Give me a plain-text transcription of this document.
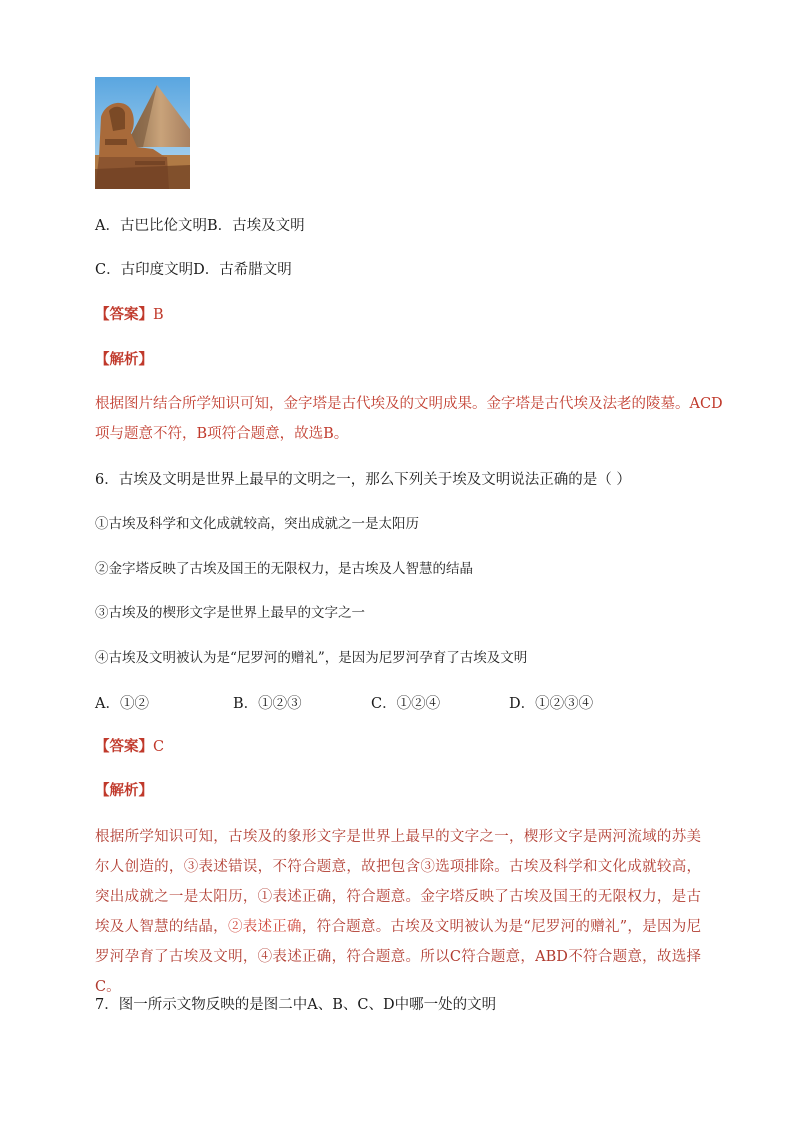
A．古巴比伦文明B．古埃及文明
C．古印度文明D．古希腊文明
【答案】B
【解析】
根据图片结合所学知识可知，金字塔是古代埃及的文明成果。金字塔是古代埃及法老的陵墓。ACD
项与题意不符，B项符合题意，故选B。
6．古埃及文明是世界上最早的文明之一，那么下列关于埃及文明说法正确的是（ ）
①古埃及科学和文化成就较高，突出成就之一是太阳历
②金字塔反映了古埃及国王的无限权力，是古埃及人智慧的结晶
③古埃及的楔形文字是世界上最早的文字之一
④古埃及文明被认为是“尼罗河的赠礼”，是因为尼罗河孕育了古埃及文明
A．①②	B．①②③	C．①②④	D．①②③④
【答案】C
【解析】
根据所学知识可知，古埃及的象形文字是世界上最早的文字之一，楔形文字是两河流域的苏美尔人创造的，③表述错误，不符合题意，故把包含③选项排除。古埃及科学和文化成就较高，突出成就之一是太阳历，①表述正确，符合题意。金字塔反映了古埃及国王的无限权力，是古埃及人智慧的结晶，②表述正确，符合题意。古埃及文明被认为是“尼罗河的赠礼”，是因为尼罗河孕育了古埃及文明，④表述正确，符合题意。所以C符合题意，ABD不符合题意，故选择C。
7．图一所示文物反映的是图二中A、B、C、D中哪一处的文明
